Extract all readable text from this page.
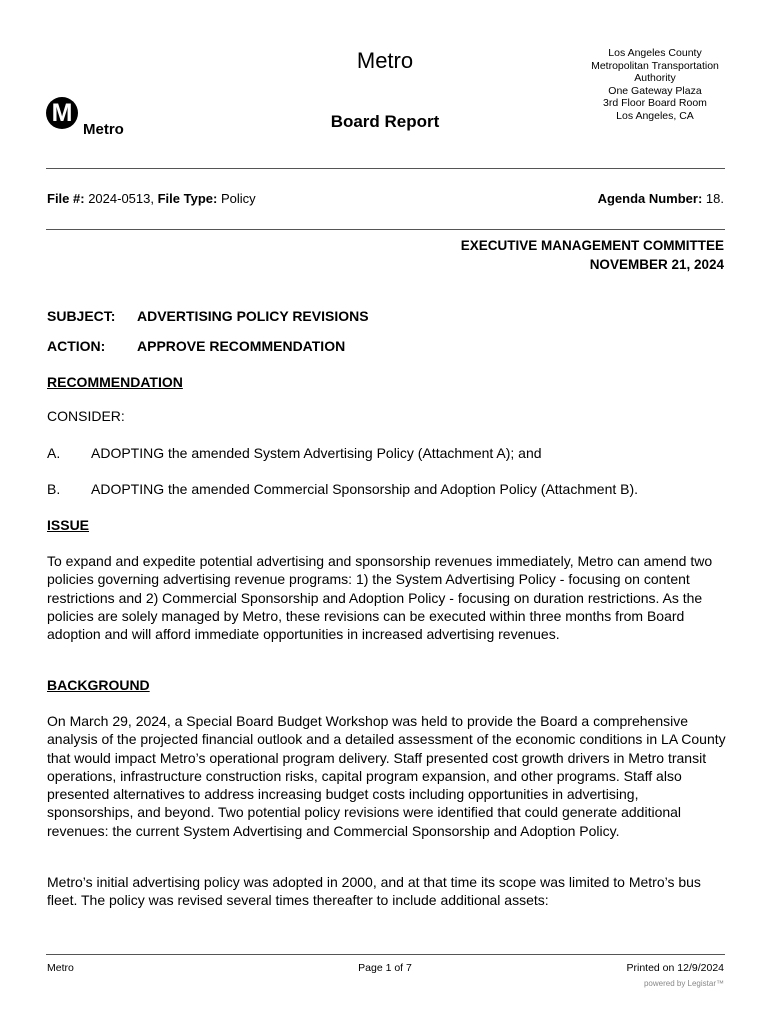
Metro
Board Report
Los Angeles County
Metropolitan Transportation
Authority
One Gateway Plaza
3rd Floor Board Room
Los Angeles, CA
M
Metro
File #: 2024-0513, File Type: Policy	Agenda Number: 18.
EXECUTIVE MANAGEMENT COMMITTEE
NOVEMBER 21, 2024
SUBJECT: ADVERTISING POLICY REVISIONS
ACTION: APPROVE RECOMMENDATION
RECOMMENDATION
CONSIDER:
A. ADOPTING the amended System Advertising Policy (Attachment A); and
B. ADOPTING the amended Commercial Sponsorship and Adoption Policy (Attachment B).
ISSUE
To expand and expedite potential advertising and sponsorship revenues immediately, Metro can amend two policies governing advertising revenue programs: 1) the System Advertising Policy - focusing on content restrictions and 2) Commercial Sponsorship and Adoption Policy - focusing on duration restrictions. As the policies are solely managed by Metro, these revisions can be executed within three months from Board adoption and will afford immediate opportunities in increased advertising revenues.
BACKGROUND
On March 29, 2024, a Special Board Budget Workshop was held to provide the Board a comprehensive analysis of the projected financial outlook and a detailed assessment of the economic conditions in LA County that would impact Metro’s operational program delivery. Staff presented cost growth drivers in Metro transit operations, infrastructure construction risks, capital program expansion, and other programs. Staff also presented alternatives to address increasing budget costs including opportunities in advertising, sponsorships, and beyond. Two potential policy revisions were identified that could generate additional revenues: the current System Advertising and Commercial Sponsorship and Adoption Policy.
Metro’s initial advertising policy was adopted in 2000, and at that time its scope was limited to Metro’s bus fleet. The policy was revised several times thereafter to include additional assets:
Metro	Page 1 of 7	Printed on 12/9/2024
powered by Legistar™
